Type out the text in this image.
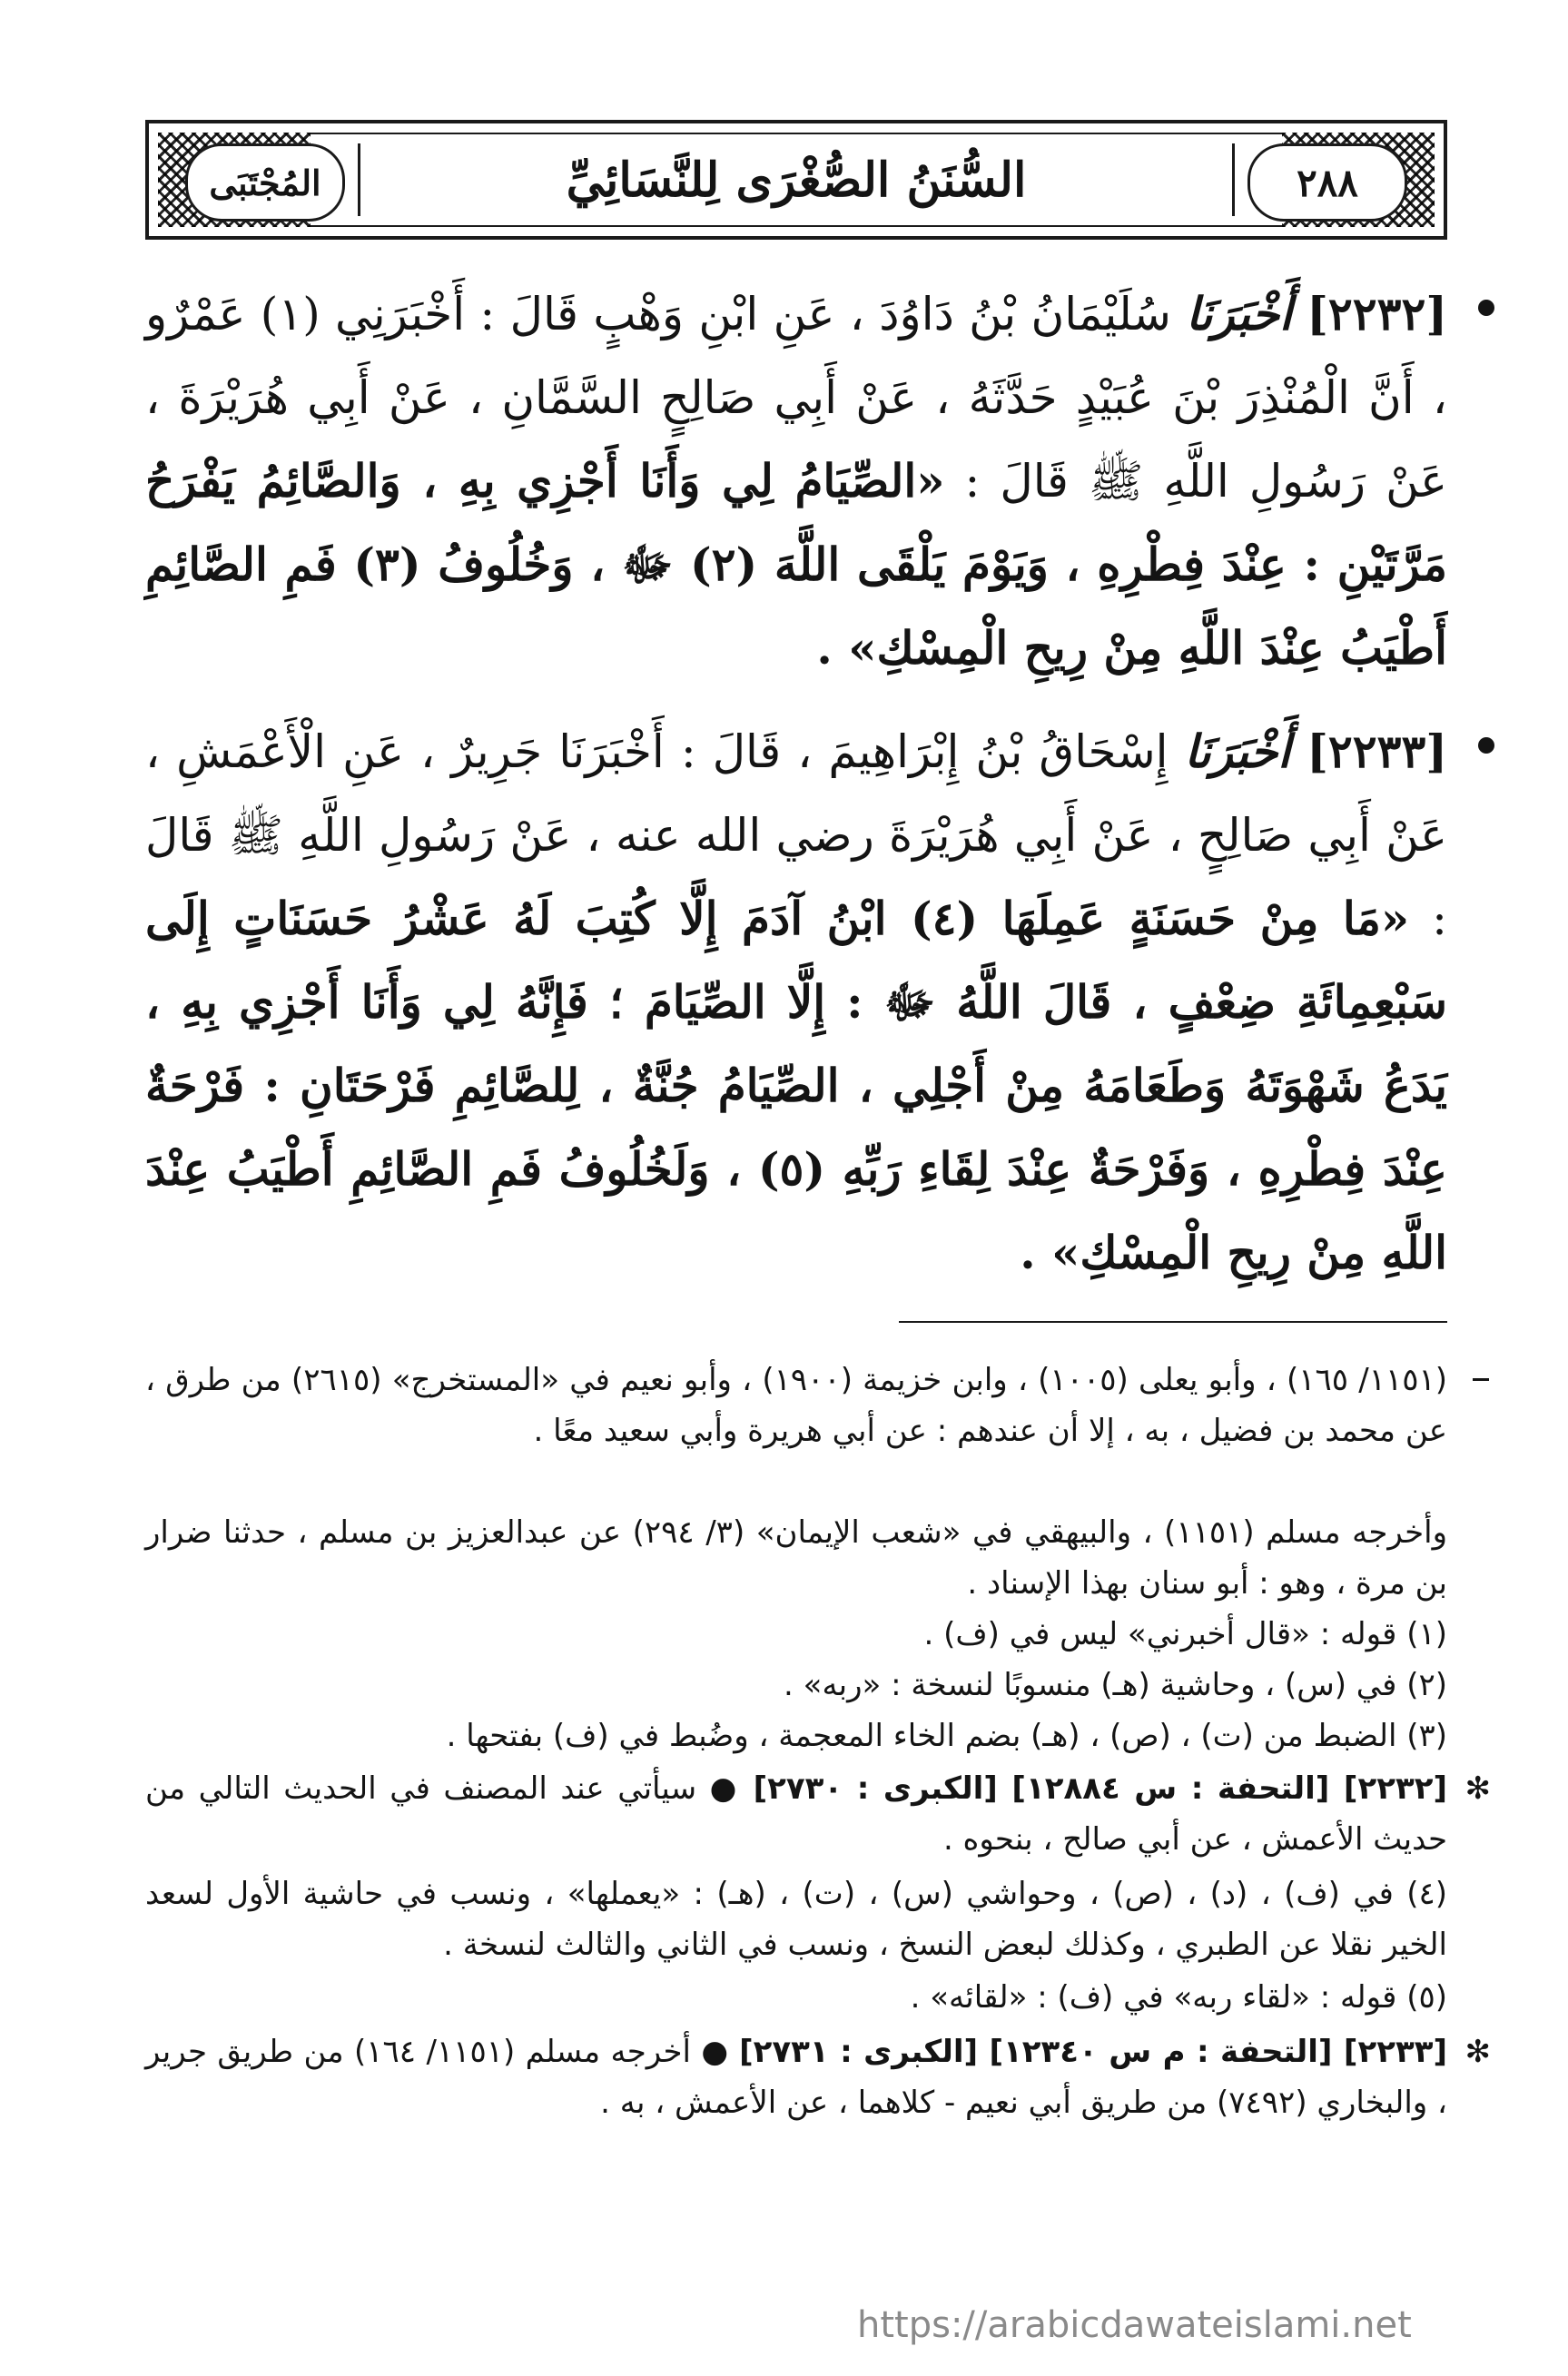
٢٨٨
السُّنَنُ الصُّغْرَى لِلنَّسَائِيِّ
المُجْتَبَى
[٢٢٣٢] أَخْبَرَنَا سُلَيْمَانُ بْنُ دَاوُدَ ، عَنِ ابْنِ وَهْبٍ قَالَ : أَخْبَرَنِي (١) عَمْرٌو ، أَنَّ الْمُنْذِرَ بْنَ عُبَيْدٍ حَدَّثَهُ ، عَنْ أَبِي صَالِحٍ السَّمَّانِ ، عَنْ أَبِي هُرَيْرَةَ ، عَنْ رَسُولِ اللَّهِ ﷺ قَالَ : «الصِّيَامُ لِي وَأَنَا أَجْزِي بِهِ ، وَالصَّائِمُ يَفْرَحُ مَرَّتَيْنِ : عِنْدَ فِطْرِهِ ، وَيَوْمَ يَلْقَى اللَّهَ (٢) ﷻ ، وَخُلُوفُ (٣) فَمِ الصَّائِمِ أَطْيَبُ عِنْدَ اللَّهِ مِنْ رِيحِ الْمِسْكِ» .
[٢٢٣٣] أَخْبَرَنَا إِسْحَاقُ بْنُ إِبْرَاهِيمَ ، قَالَ : أَخْبَرَنَا جَرِيرٌ ، عَنِ الْأَعْمَشِ ، عَنْ أَبِي صَالِحٍ ، عَنْ أَبِي هُرَيْرَةَ رضي الله عنه ، عَنْ رَسُولِ اللَّهِ ﷺ قَالَ : «مَا مِنْ حَسَنَةٍ عَمِلَهَا (٤) ابْنُ آدَمَ إِلَّا كُتِبَ لَهُ عَشْرُ حَسَنَاتٍ إِلَى سَبْعِمِائَةِ ضِعْفٍ ، قَالَ اللَّهُ ﷻ : إِلَّا الصِّيَامَ ؛ فَإِنَّهُ لِي وَأَنَا أَجْزِي بِهِ ، يَدَعُ شَهْوَتَهُ وَطَعَامَهُ مِنْ أَجْلِي ، الصِّيَامُ جُنَّةٌ ، لِلصَّائِمِ فَرْحَتَانِ : فَرْحَةٌ عِنْدَ فِطْرِهِ ، وَفَرْحَةٌ عِنْدَ لِقَاءِ رَبِّهِ (٥) ، وَلَخُلُوفُ فَمِ الصَّائِمِ أَطْيَبُ عِنْدَ اللَّهِ مِنْ رِيحِ الْمِسْكِ» .

(١١٥١/ ١٦٥) ، وأبو يعلى (١٠٠٥) ، وابن خزيمة (١٩٠٠) ، وأبو نعيم في «المستخرج» (٢٦١٥) من طرق ، عن محمد بن فضيل ، به ، إلا أن عندهم : عن أبي هريرة وأبي سعيد معًا .

وأخرجه مسلم (١١٥١) ، والبيهقي في «شعب الإيمان» (٣/ ٢٩٤) عن عبدالعزيز بن مسلم ، حدثنا ضرار بن مرة ، وهو : أبو سنان بهذا الإسناد .

(١) قوله : «قال أخبرني» ليس في (ف) .

(٢) في (س) ، وحاشية (هـ) منسوبًا لنسخة : «ربه» .

(٣) الضبط من (ت) ، (ص) ، (هـ) بضم الخاء المعجمة ، وضُبط في (ف) بفتحها .

✻

[٢٢٣٢] [التحفة : س ١٢٨٨٤] [الكبرى : ٢٧٣٠] ● سيأتي عند المصنف في الحديث التالي من حديث الأعمش ، عن أبي صالح ، بنحوه .

(٤) في (ف) ، (د) ، (ص) ، وحواشي (س) ، (ت) ، (هـ) : «يعملها» ، ونسب في حاشية الأول لسعد الخير نقلا عن الطبري ، وكذلك لبعض النسخ ، ونسب في الثاني والثالث لنسخة .

(٥) قوله : «لقاء ربه» في (ف) : «لقائه» .

✻

[٢٢٣٣] [التحفة : م س ١٢٣٤٠] [الكبرى : ٢٧٣١] ● أخرجه مسلم (١١٥١/ ١٦٤) من طريق جرير ، والبخاري (٧٤٩٢) من طريق أبي نعيم - كلاهما ، عن الأعمش ، به .

https://arabicdawateislami.net
